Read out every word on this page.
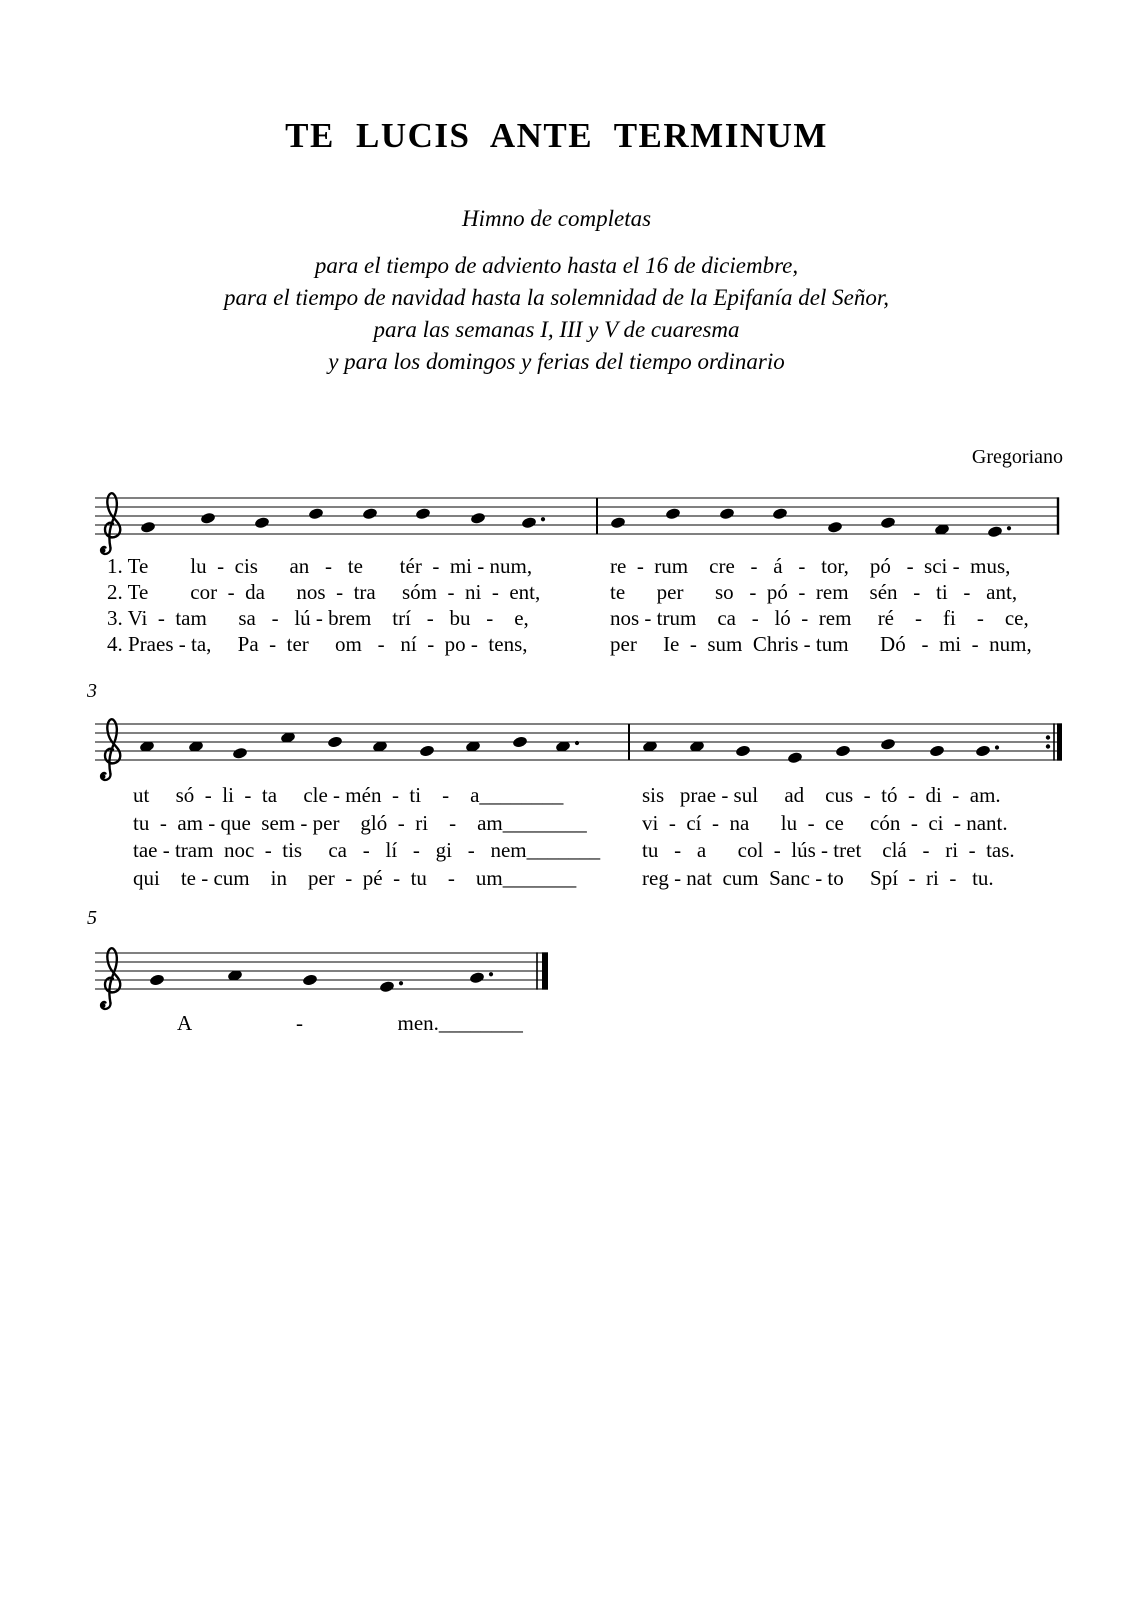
TE LUCIS ANTE TERMINUM
Himno de completas
para el tiempo de adviento hasta el 16 de diciembre,
para el tiempo de navidad hasta la solemnidad de la Epifanía del Señor,
para las semanas I, III y V de cuaresma
y para los domingos y ferias del tiempo ordinario
Gregoriano
3
5
1. Te        lu  -  cis      an   -   te       tér  -  mi - num,	re  -  rum    cre   -   á   -   tor,    pó   -  sci -  mus,
2. Te        cor  -  da      nos  -  tra     sóm  -  ni  -  ent,	te      per      so   -  pó  -  rem    sén   -   ti   -   ant,
3. Vi  -  tam      sa   -   lú - brem    trí   -   bu   -    e,	nos - trum    ca   -   ló  -  rem     ré    -    fi    -    ce,
4. Praes - ta,     Pa  -  ter     om   -   ní  -  po -  tens,	per     Ie  -  sum  Chris - tum      Dó   -  mi  -  num,
ut     só  -  li  -  ta     cle - mén  -  ti    -    a________	sis   prae - sul     ad    cus  -  tó  -  di  -  am.
tu  -  am - que  sem - per    gló  -  ri    -    am________	vi  -  cí  -  na      lu  -  ce     cón  -  ci  - nant.
tae - tram  noc  -  tis     ca   -   lí   -   gi   -   nem_______	tu   -   a      col  -  lús - tret    clá   -   ri  -  tas.
qui    te - cum    in    per  -  pé  -  tu    -    um_______	reg - nat  cum  Sanc - to     Spí  -  ri  -   tu.
A                    -                  men.________
